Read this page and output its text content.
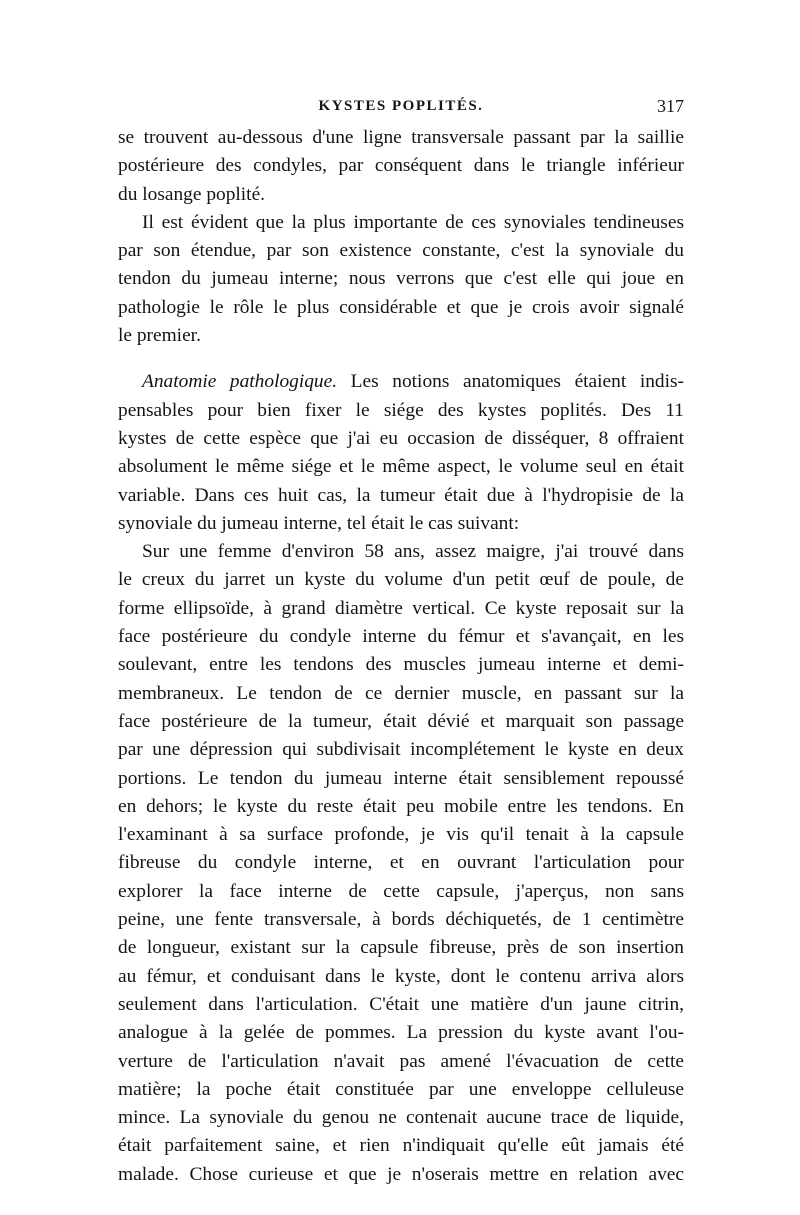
KYSTES POPLITÉS.	317
se trouvent au-dessous d'une ligne transversale passant par la saillie
postérieure des condyles, par conséquent dans le triangle inférieur
du losange poplité.
Il est évident que la plus importante de ces synoviales tendineuses
par son étendue, par son existence constante, c'est la synoviale du
tendon du jumeau interne; nous verrons que c'est elle qui joue en
pathologie le rôle le plus considérable et que je crois avoir signalé
le premier.
Anatomie pathologique. Les notions anatomiques étaient indis-
pensables pour bien fixer le siége des kystes poplités. Des 11
kystes de cette espèce que j'ai eu occasion de disséquer, 8 offraient
absolument le même siége et le même aspect, le volume seul en était
variable. Dans ces huit cas, la tumeur était due à l'hydropisie de la
synoviale du jumeau interne, tel était le cas suivant:
Sur une femme d'environ 58 ans, assez maigre, j'ai trouvé dans
le creux du jarret un kyste du volume d'un petit œuf de poule, de
forme ellipsoïde, à grand diamètre vertical. Ce kyste reposait sur la
face postérieure du condyle interne du fémur et s'avançait, en les
soulevant, entre les tendons des muscles jumeau interne et demi-
membraneux. Le tendon de ce dernier muscle, en passant sur la
face postérieure de la tumeur, était dévié et marquait son passage
par une dépression qui subdivisait incomplétement le kyste en deux
portions. Le tendon du jumeau interne était sensiblement repoussé
en dehors; le kyste du reste était peu mobile entre les tendons. En
l'examinant à sa surface profonde, je vis qu'il tenait à la capsule
fibreuse du condyle interne, et en ouvrant l'articulation pour
explorer la face interne de cette capsule, j'aperçus, non sans
peine, une fente transversale, à bords déchiquetés, de 1 centimètre
de longueur, existant sur la capsule fibreuse, près de son insertion
au fémur, et conduisant dans le kyste, dont le contenu arriva alors
seulement dans l'articulation. C'était une matière d'un jaune citrin,
analogue à la gelée de pommes. La pression du kyste avant l'ou-
verture de l'articulation n'avait pas amené l'évacuation de cette
matière; la poche était constituée par une enveloppe celluleuse
mince. La synoviale du genou ne contenait aucune trace de liquide,
était parfaitement saine, et rien n'indiquait qu'elle eût jamais été
malade. Chose curieuse et que je n'oserais mettre en relation avec
